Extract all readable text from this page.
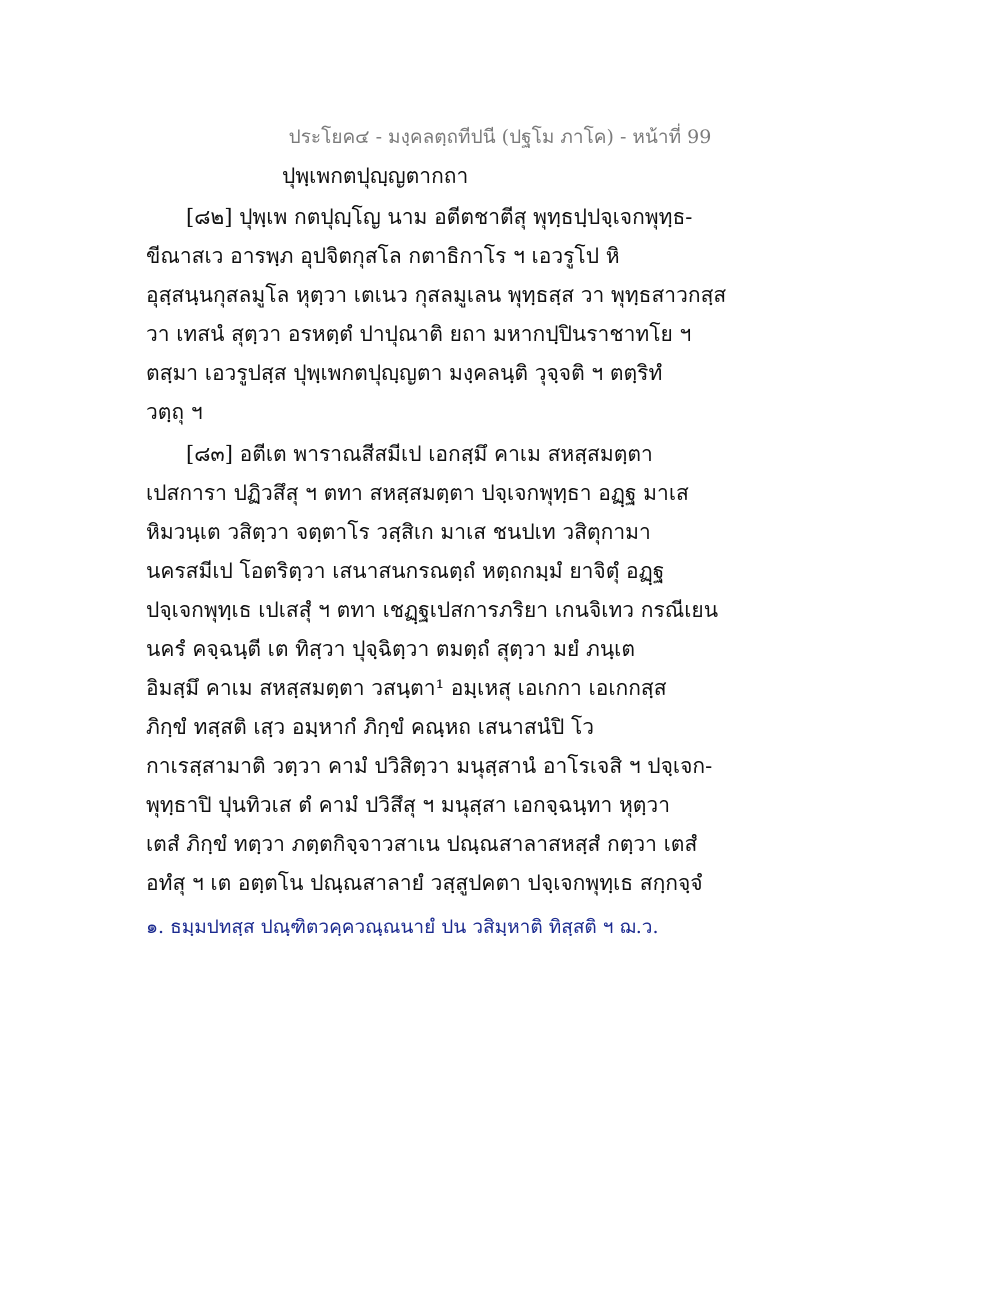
ประโยค๔ - มงฺคลตฺถทีปนี (ปฐโม ภาโค) - หน้าที่ 99
ปุพฺเพกตปุญฺญตากถา
[๘๒] ปุพฺเพ กตปุญฺโญ นาม อตีตชาตีสุ พุทฺธปฺปจฺเจกพุทฺธ-
ขีณาสเว อารพฺภ อุปจิตกุสโล กตาธิกาโร ฯ เอวรูโป หิ
อุสฺสนฺนกุสลมูโล หุตฺวา เตเนว กุสลมูเลน พุทฺธสฺส วา พุทฺธสาวกสฺส
วา เทสนํ สุตฺวา อรหตฺตํ ปาปุณาติ ยถา มหากปฺปินราชาทโย ฯ
ตสฺมา เอวรูปสฺส ปุพฺเพกตปุญฺญตา มงฺคลนฺติ วุจฺจติ ฯ ตตฺริทํ
วตฺถุ ฯ
[๘๓] อตีเต พาราณสีสมีเป เอกสฺมึ คาเม สหสฺสมตฺตา
เปสการา ปฏิวสึสุ ฯ ตทา สหสฺสมตฺตา ปจฺเจกพุทฺธา อฏฺฐ มาเส
หิมวนฺเต วสิตฺวา จตฺตาโร วสฺสิเก มาเส ชนปเท วสิตุกามา
นครสมีเป โอตริตฺวา เสนาสนกรณตฺถํ หตฺถกมฺมํ ยาจิตุํ อฏฺฐ
ปจฺเจกพุทฺเธ เปเสสุํ ฯ ตทา เชฏฺฐเปสการภริยา เกนจิเทว กรณีเยน
นครํ คจฺฉนฺตี เต ทิสฺวา ปุจฺฉิตฺวา ตมตฺถํ สุตฺวา มยํ ภนฺเต
อิมสฺมึ คาเม สหสฺสมตฺตา วสนฺตา¹ อมฺเหสุ เอเกกา เอเกกสฺส
ภิกฺขํ ทสฺสติ เสฺว อมฺหากํ ภิกฺขํ คณฺหถ เสนาสนํปิ โว
กาเรสฺสามาติ วตฺวา คามํ ปวิสิตฺวา มนุสฺสานํ อาโรเจสิ ฯ ปจฺเจก-
พุทฺธาปิ ปุนทิวเส ตํ คามํ ปวิสึสุ ฯ มนุสฺสา เอกจฺฉนฺทา หุตฺวา
เตสํ ภิกฺขํ ทตฺวา ภตฺตกิจฺจาวสาเน ปณฺณสาลาสหสฺสํ กตฺวา เตสํ
อทํสุ ฯ เต อตฺตโน ปณฺณสาลายํ วสฺสูปคตา ปจฺเจกพุทฺเธ สกฺกจฺจํ
๑. ธมฺมปทสฺส ปณฺฑิตวคฺควณฺณนายํ ปน วสิมฺหาติ ทิสฺสติ ฯ ฌ.ว.
